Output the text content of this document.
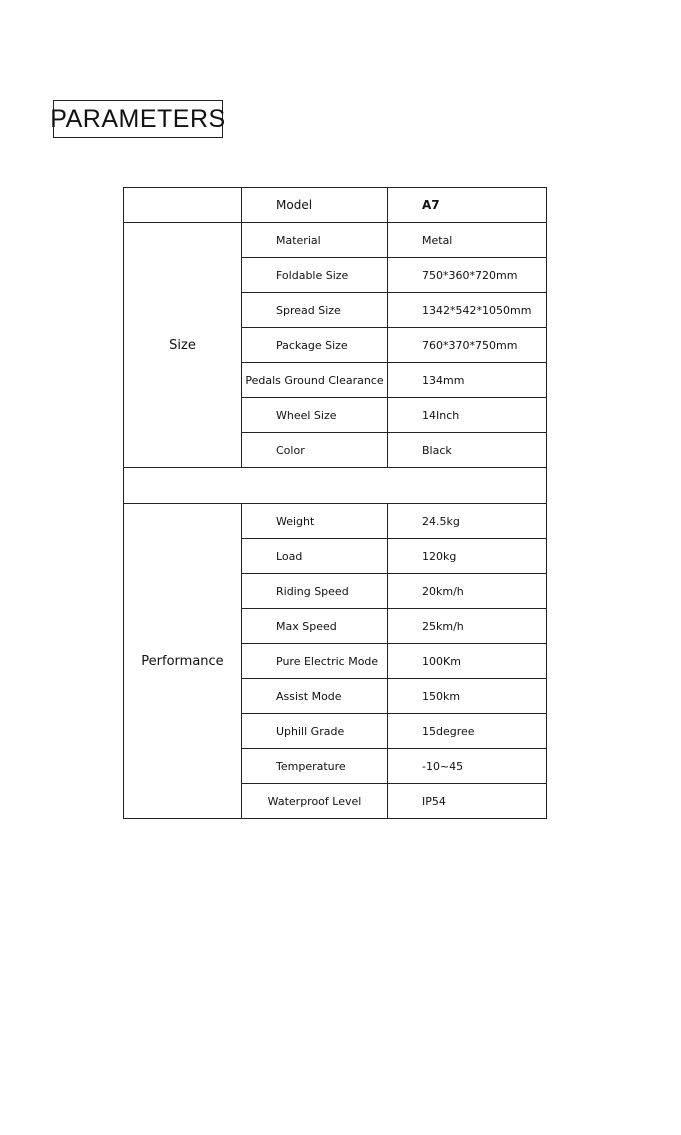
PARAMETERS
	Model	A7
Size	Material	Metal
	Foldable Size	750*360*720mm
	Spread Size	1342*542*1050mm
	Package Size	760*370*750mm
	Pedals Ground Clearance	134mm
	Wheel Size	14Inch
	Color	Black

Performance	Weight	24.5kg
	Load	120kg
	Riding Speed	20km/h
	Max Speed	25km/h
	Pure Electric Mode	100Km
	Assist Mode	150km
	Uphill Grade	15degree
	Temperature	-10~45
	Waterproof Level	IP54
